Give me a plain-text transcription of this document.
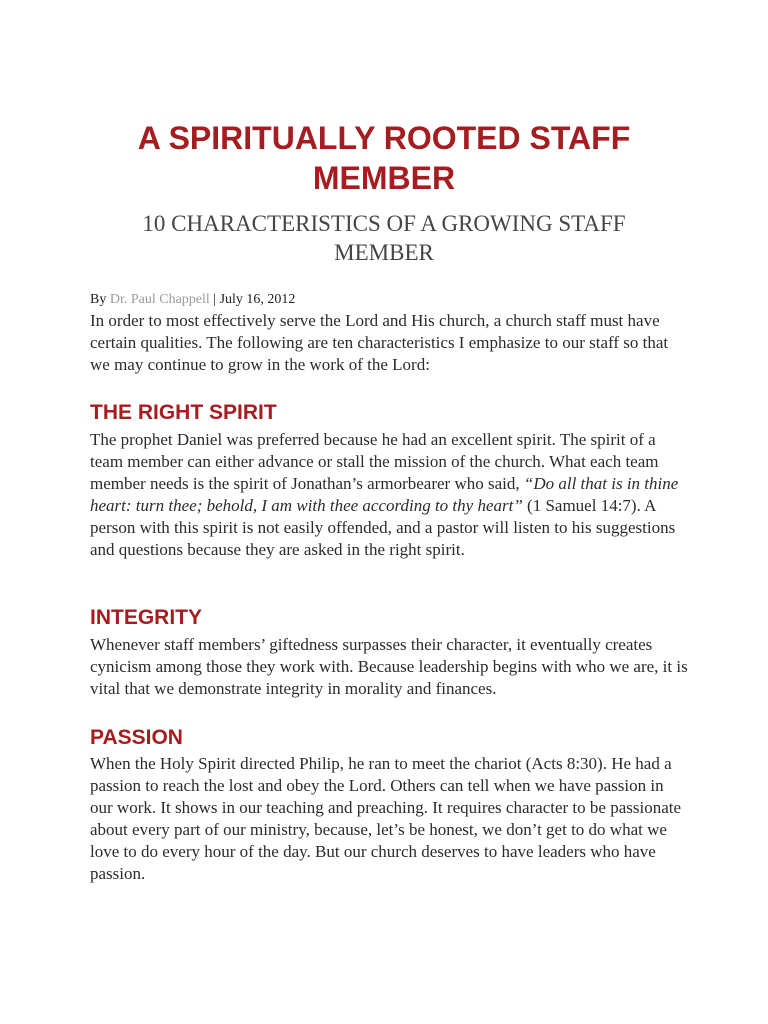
A SPIRITUALLY ROOTED STAFF MEMBER
10 CHARACTERISTICS OF A GROWING STAFF MEMBER
By Dr. Paul Chappell | July 16, 2012

In order to most effectively serve the Lord and His church, a church staff must have certain qualities. The following are ten characteristics I emphasize to our staff so that we may continue to grow in the work of the Lord:

THE RIGHT SPIRIT

The prophet Daniel was preferred because he had an excellent spirit. The spirit of a team member can either advance or stall the mission of the church. What each team member needs is the spirit of Jonathan’s armorbearer who said, “Do all that is in thine heart: turn thee; behold, I am with thee according to thy heart” (1 Samuel 14:7). A person with this spirit is not easily offended, and a pastor will listen to his suggestions and questions because they are asked in the right spirit.

INTEGRITY

Whenever staff members’ giftedness surpasses their character, it eventually creates cynicism among those they work with. Because leadership begins with who we are, it is vital that we demonstrate integrity in morality and finances.

PASSION

When the Holy Spirit directed Philip, he ran to meet the chariot (Acts 8:30). He had a passion to reach the lost and obey the Lord. Others can tell when we have passion in our work. It shows in our teaching and preaching. It requires character to be passionate about every part of our ministry, because, let’s be honest, we don’t get to do what we love to do every hour of the day. But our church deserves to have leaders who have passion.
